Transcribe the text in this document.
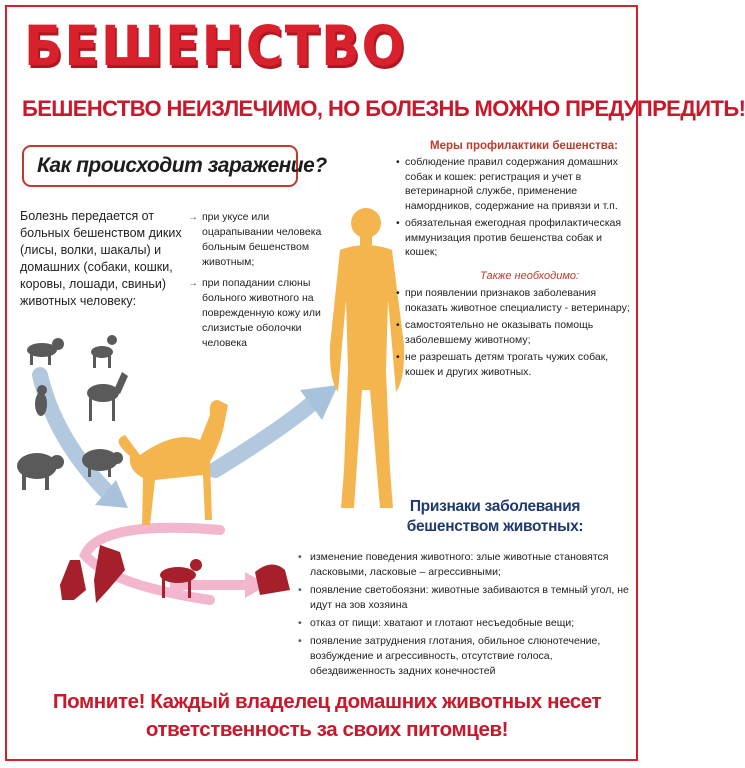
БЕШЕНСТВО
БЕШЕНСТВО НЕИЗЛЕЧИМО, НО БОЛЕЗНЬ МОЖНО ПРЕДУПРЕДИТЬ!
Как происходит заражение?
Болезнь передается от больных бешенством диких (лисы, волки, шакалы) и домашних (собаки, кошки, коровы, лошади, свиньи) животных человеку:
→ при укусе или оцарапывании человека больным бешенством животным;
→ при попадании слюны больного животного на поврежденную кожу или слизистые оболочки человека
Меры профилактики бешенства:
• соблюдение правил содержания домашних собак и кошек: регистрация и учет в ветеринарной службе, применение намордников, содержание на привязи и т.п.
• обязательная ежегодная профилактическая иммунизация против бешенства собак и кошек;
Также необходимо:
• при появлении признаков заболевания показать животное специалисту - ветеринару;
• самостоятельно не оказывать помощь заболевшему животному;
• не разрешать детям трогать чужих собак, кошек и других животных.
Признаки заболевания бешенством животных:
• изменение поведения животного: злые животные становятся ласковыми, ласковые – агрессивными;
• появление светобоязни: животные забиваются в темный угол, не идут на зов хозяина
• отказ от пищи: хватают и глотают несъедобные вещи;
• появление затруднения глотания, обильное слюнотечение, возбуждение и агрессивность, отсутствие голоса, обездвиженность задних конечностей
Помните! Каждый владелец домашних животных несет ответственность за своих питомцев!
